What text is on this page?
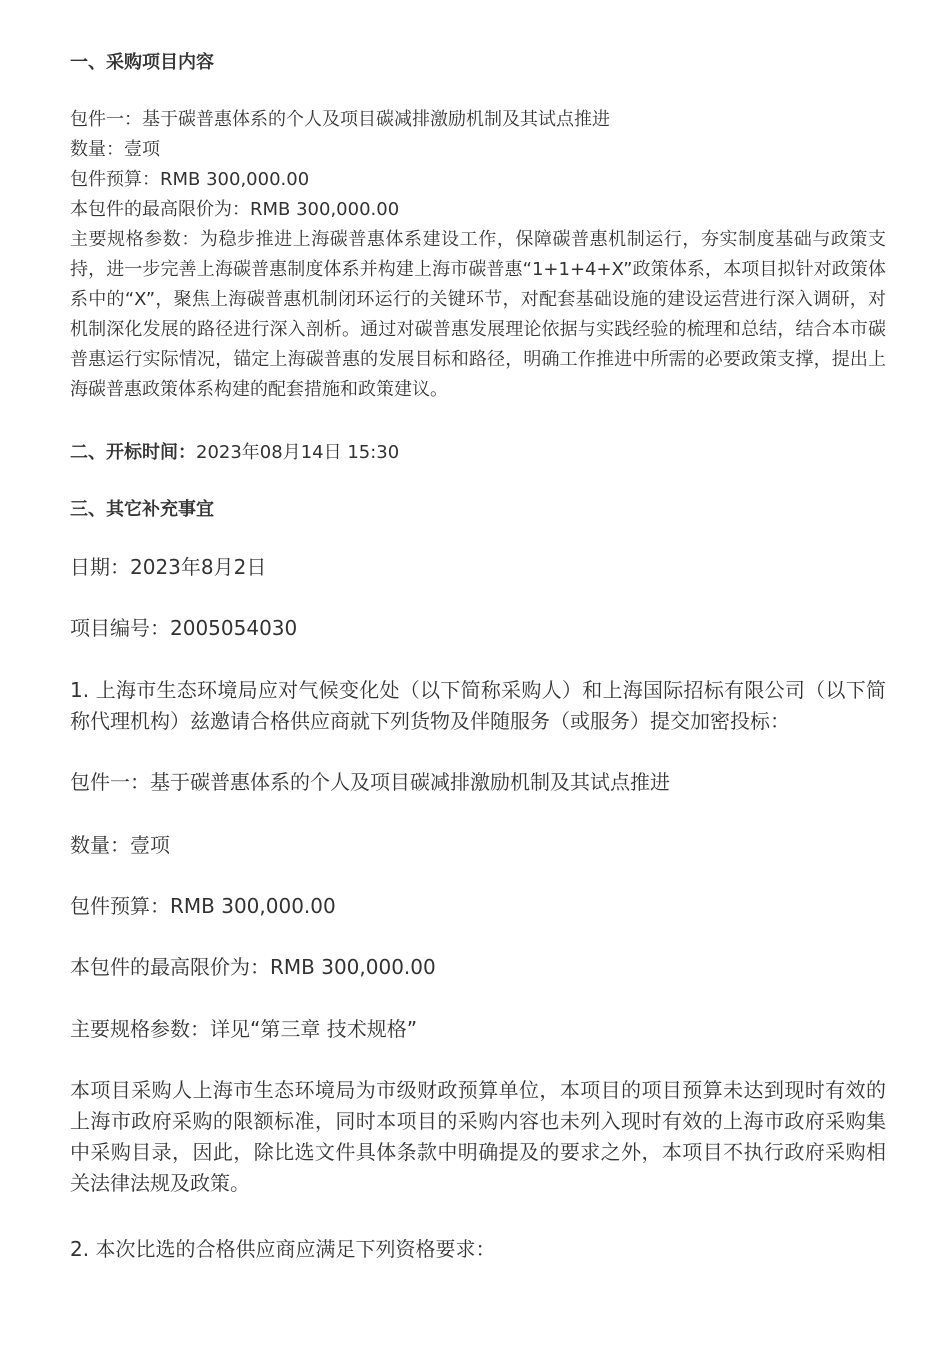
一、采购项目内容
包件一：基于碳普惠体系的个人及项目碳减排激励机制及其试点推进
数量：壹项
包件预算：RMB 300,000.00
本包件的最高限价为：RMB 300,000.00
主要规格参数：为稳步推进上海碳普惠体系建设工作，保障碳普惠机制运行，夯实制度基础与政策支持，进一步完善上海碳普惠制度体系并构建上海市碳普惠“1+1+4+X”政策体系，本项目拟针对政策体系中的“X”，聚焦上海碳普惠机制闭环运行的关键环节，对配套基础设施的建设运营进行深入调研，对机制深化发展的路径进行深入剖析。通过对碳普惠发展理论依据与实践经验的梳理和总结，结合本市碳普惠运行实际情况，锚定上海碳普惠的发展目标和路径，明确工作推进中所需的必要政策支撑，提出上海碳普惠政策体系构建的配套措施和政策建议。
二、开标时间：2023年08月14日 15:30
三、其它补充事宜
日期：2023年8月2日
项目编号：2005054030
1. 上海市生态环境局应对气候变化处（以下简称采购人）和上海国际招标有限公司（以下简称代理机构）兹邀请合格供应商就下列货物及伴随服务（或服务）提交加密投标：
包件一：基于碳普惠体系的个人及项目碳减排激励机制及其试点推进
数量：壹项
包件预算：RMB 300,000.00
本包件的最高限价为：RMB 300,000.00
主要规格参数：详见“第三章 技术规格”
本项目采购人上海市生态环境局为市级财政预算单位，本项目的项目预算未达到现时有效的上海市政府采购的限额标准，同时本项目的采购内容也未列入现时有效的上海市政府采购集中采购目录，因此，除比选文件具体条款中明确提及的要求之外，本项目不执行政府采购相关法律法规及政策。
2. 本次比选的合格供应商应满足下列资格要求：
